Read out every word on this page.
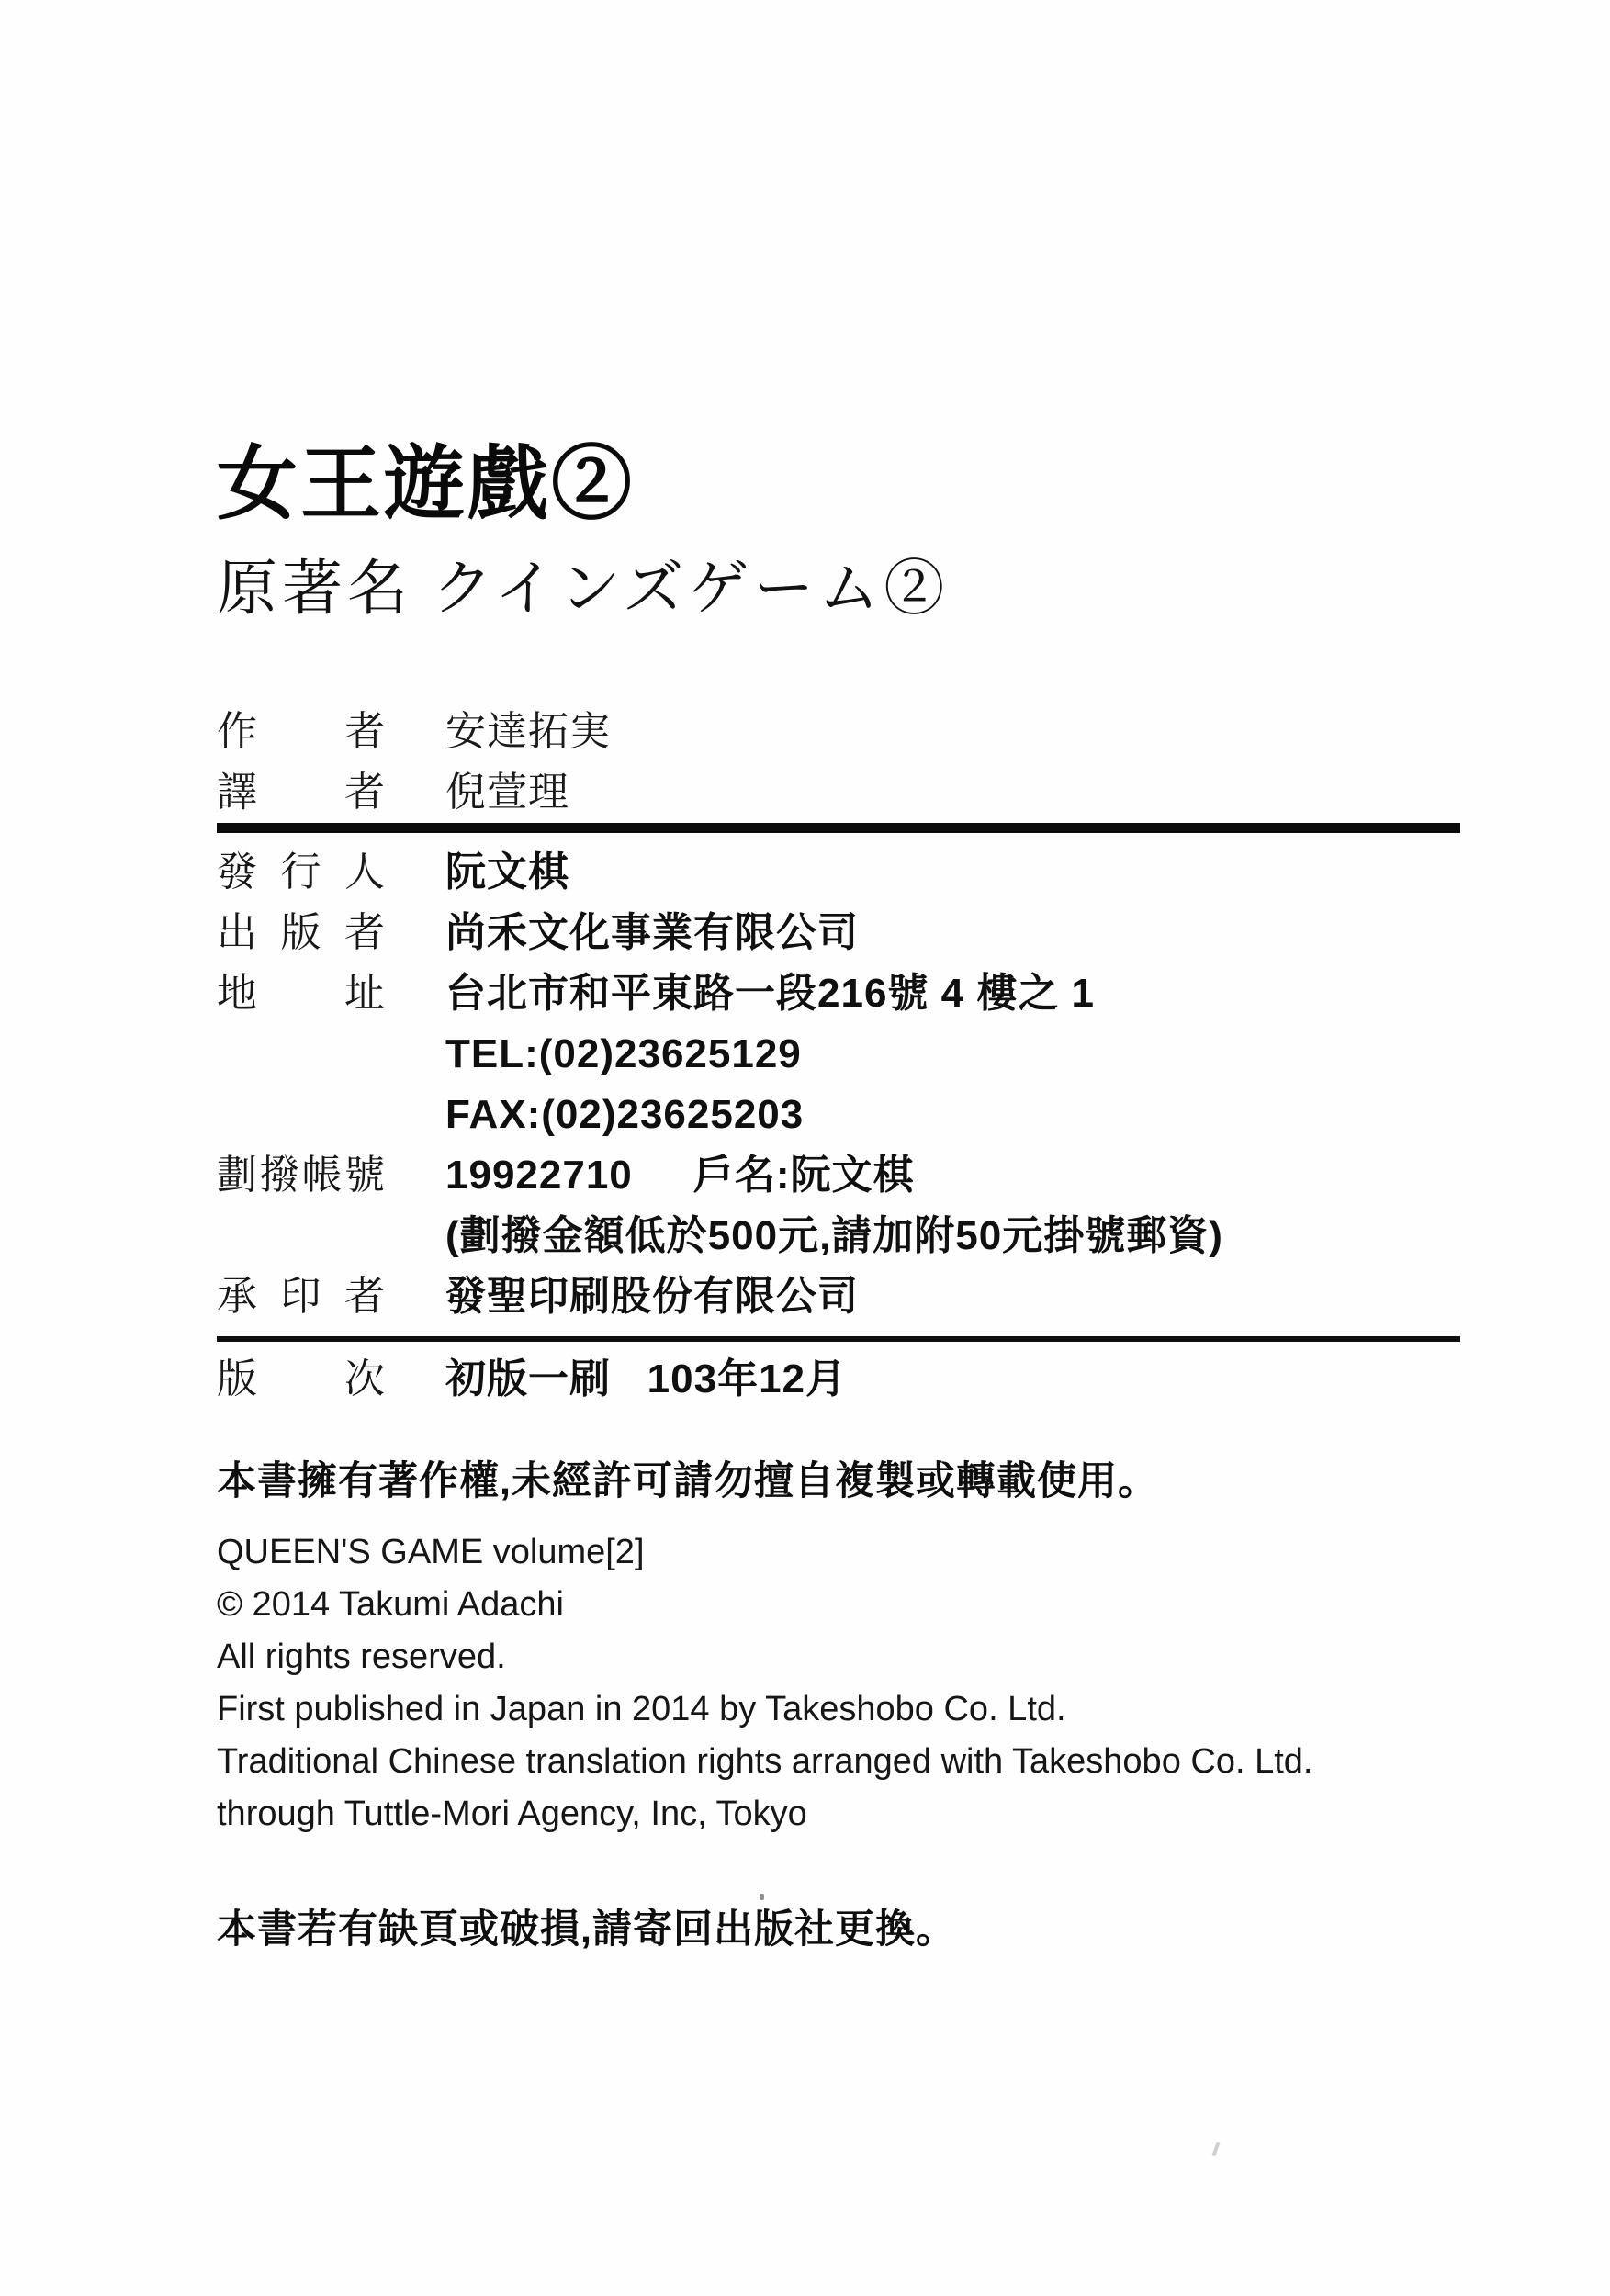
女王遊戲②
原著名 クインズゲーム②
作者 安達拓実
譯者 倪萱理
發行人 阮文棋
出版者 尚禾文化事業有限公司
地址 台北市和平東路一段216號 4 樓之 1
TEL:(02)23625129
FAX:(02)23625203
劃撥帳號 19922710     戶名:阮文棋
(劃撥金額低於500元,請加附50元掛號郵資)
承印者 發聖印刷股份有限公司
版次 初版一刷   103年12月

本書擁有著作權,未經許可請勿擅自複製或轉載使用。

QUEEN'S GAME volume[2]

© 2014 Takumi Adachi

All rights reserved.

First published in Japan in 2014 by Takeshobo Co. Ltd.

Traditional Chinese translation rights arranged with Takeshobo Co. Ltd.

through Tuttle-Mori Agency, Inc, Tokyo

本書若有缺頁或破損,請寄回出版社更換。
